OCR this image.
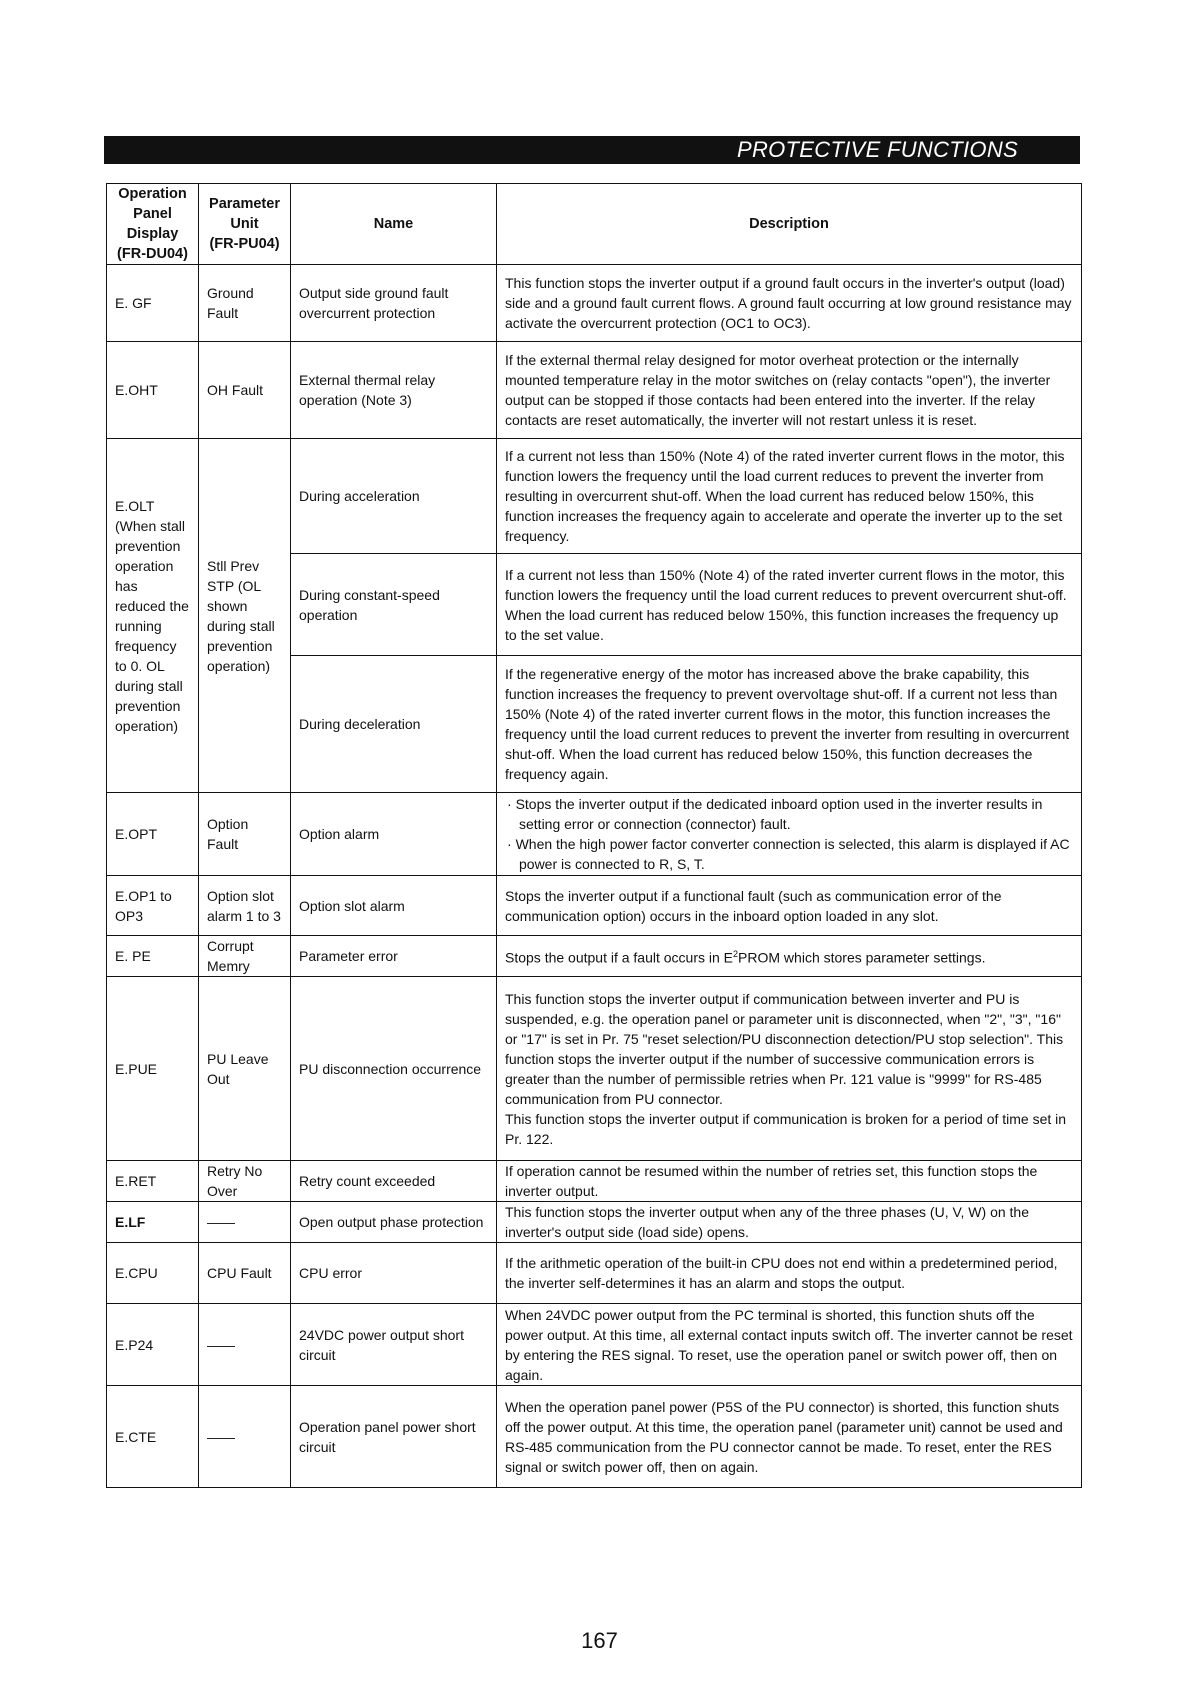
PROTECTIVE FUNCTIONS
Operation
Panel
Display
(FR-DU04)	Parameter
Unit
(FR-PU04)	Name	Description
E. GF	Ground Fault	Output side ground fault overcurrent protection	This function stops the inverter output if a ground fault occurs in the inverter's output (load) side and a ground fault current flows. A ground fault occurring at low ground resistance may activate the overcurrent protection (OC1 to OC3).
E.OHT	OH Fault	External thermal relay operation (Note 3)	If the external thermal relay designed for motor overheat protection or the internally mounted temperature relay in the motor switches on (relay contacts "open"), the inverter output can be stopped if those contacts had been entered into the inverter. If the relay contacts are reset automatically, the inverter will not restart unless it is reset.
E.OLT (When stall prevention operation has reduced the running frequency to 0. OL during stall prevention operation)	Stll Prev STP (OL shown during stall prevention operation)	During acceleration	If a current not less than 150% (Note 4) of the rated inverter current flows in the motor, this function lowers the frequency until the load current reduces to prevent the inverter from resulting in overcurrent shut-off. When the load current has reduced below 150%, this function increases the frequency again to accelerate and operate the inverter up to the set frequency.
		During constant-speed operation	If a current not less than 150% (Note 4) of the rated inverter current flows in the motor, this function lowers the frequency until the load current reduces to prevent overcurrent shut-off. When the load current has reduced below 150%, this function increases the frequency up to the set value.
		During deceleration	If the regenerative energy of the motor has increased above the brake capability, this function increases the frequency to prevent overvoltage shut-off. If a current not less than 150% (Note 4) of the rated inverter current flows in the motor, this function increases the frequency until the load current reduces to prevent the inverter from resulting in overcurrent shut-off. When the load current has reduced below 150%, this function decreases the frequency again.
E.OPT	Option Fault	Option alarm	· Stops the inverter output if the dedicated inboard option used in the inverter results in setting error or connection (connector) fault.
· When the high power factor converter connection is selected, this alarm is displayed if AC power is connected to R, S, T.

E.OP1 to OP3	Option slot alarm 1 to 3	Option slot alarm	Stops the inverter output if a functional fault (such as communication error of the communication option) occurs in the inboard option loaded in any slot.
E. PE	Corrupt Memry	Parameter error	Stops the output if a fault occurs in $E^2PROM$ which stores parameter settings.
E.PUE	PU Leave Out	PU disconnection occurrence	This function stops the inverter output if communication between inverter and PU is suspended, e.g. the operation panel or parameter unit is disconnected, when "2", "3", "16" or "17" is set in Pr. 75 "reset selection/PU disconnection detection/PU stop selection". This function stops the inverter output if the number of successive communication errors is greater than the number of permissible retries when Pr. 121 value is "9999" for RS-485 communication from PU connector.
This function stops the inverter output if communication is broken for a period of time set in Pr. 122.

E.RET	Retry No Over	Retry count exceeded	If operation cannot be resumed within the number of retries set, this function stops the inverter output.
E.LF	——	Open output phase protection	This function stops the inverter output when any of the three phases (U, V, W) on the inverter's output side (load side) opens.
E.CPU	CPU Fault	CPU error	If the arithmetic operation of the built-in CPU does not end within a predetermined period, the inverter self-determines it has an alarm and stops the output.
E.P24	——	24VDC power output short circuit	When 24VDC power output from the PC terminal is shorted, this function shuts off the power output. At this time, all external contact inputs switch off. The inverter cannot be reset by entering the RES signal. To reset, use the operation panel or switch power off, then on again.
E.CTE	——	Operation panel power short circuit	When the operation panel power (P5S of the PU connector) is shorted, this function shuts off the power output. At this time, the operation panel (parameter unit) cannot be used and RS-485 communication from the PU connector cannot be made. To reset, enter the RES signal or switch power off, then on again.
167
